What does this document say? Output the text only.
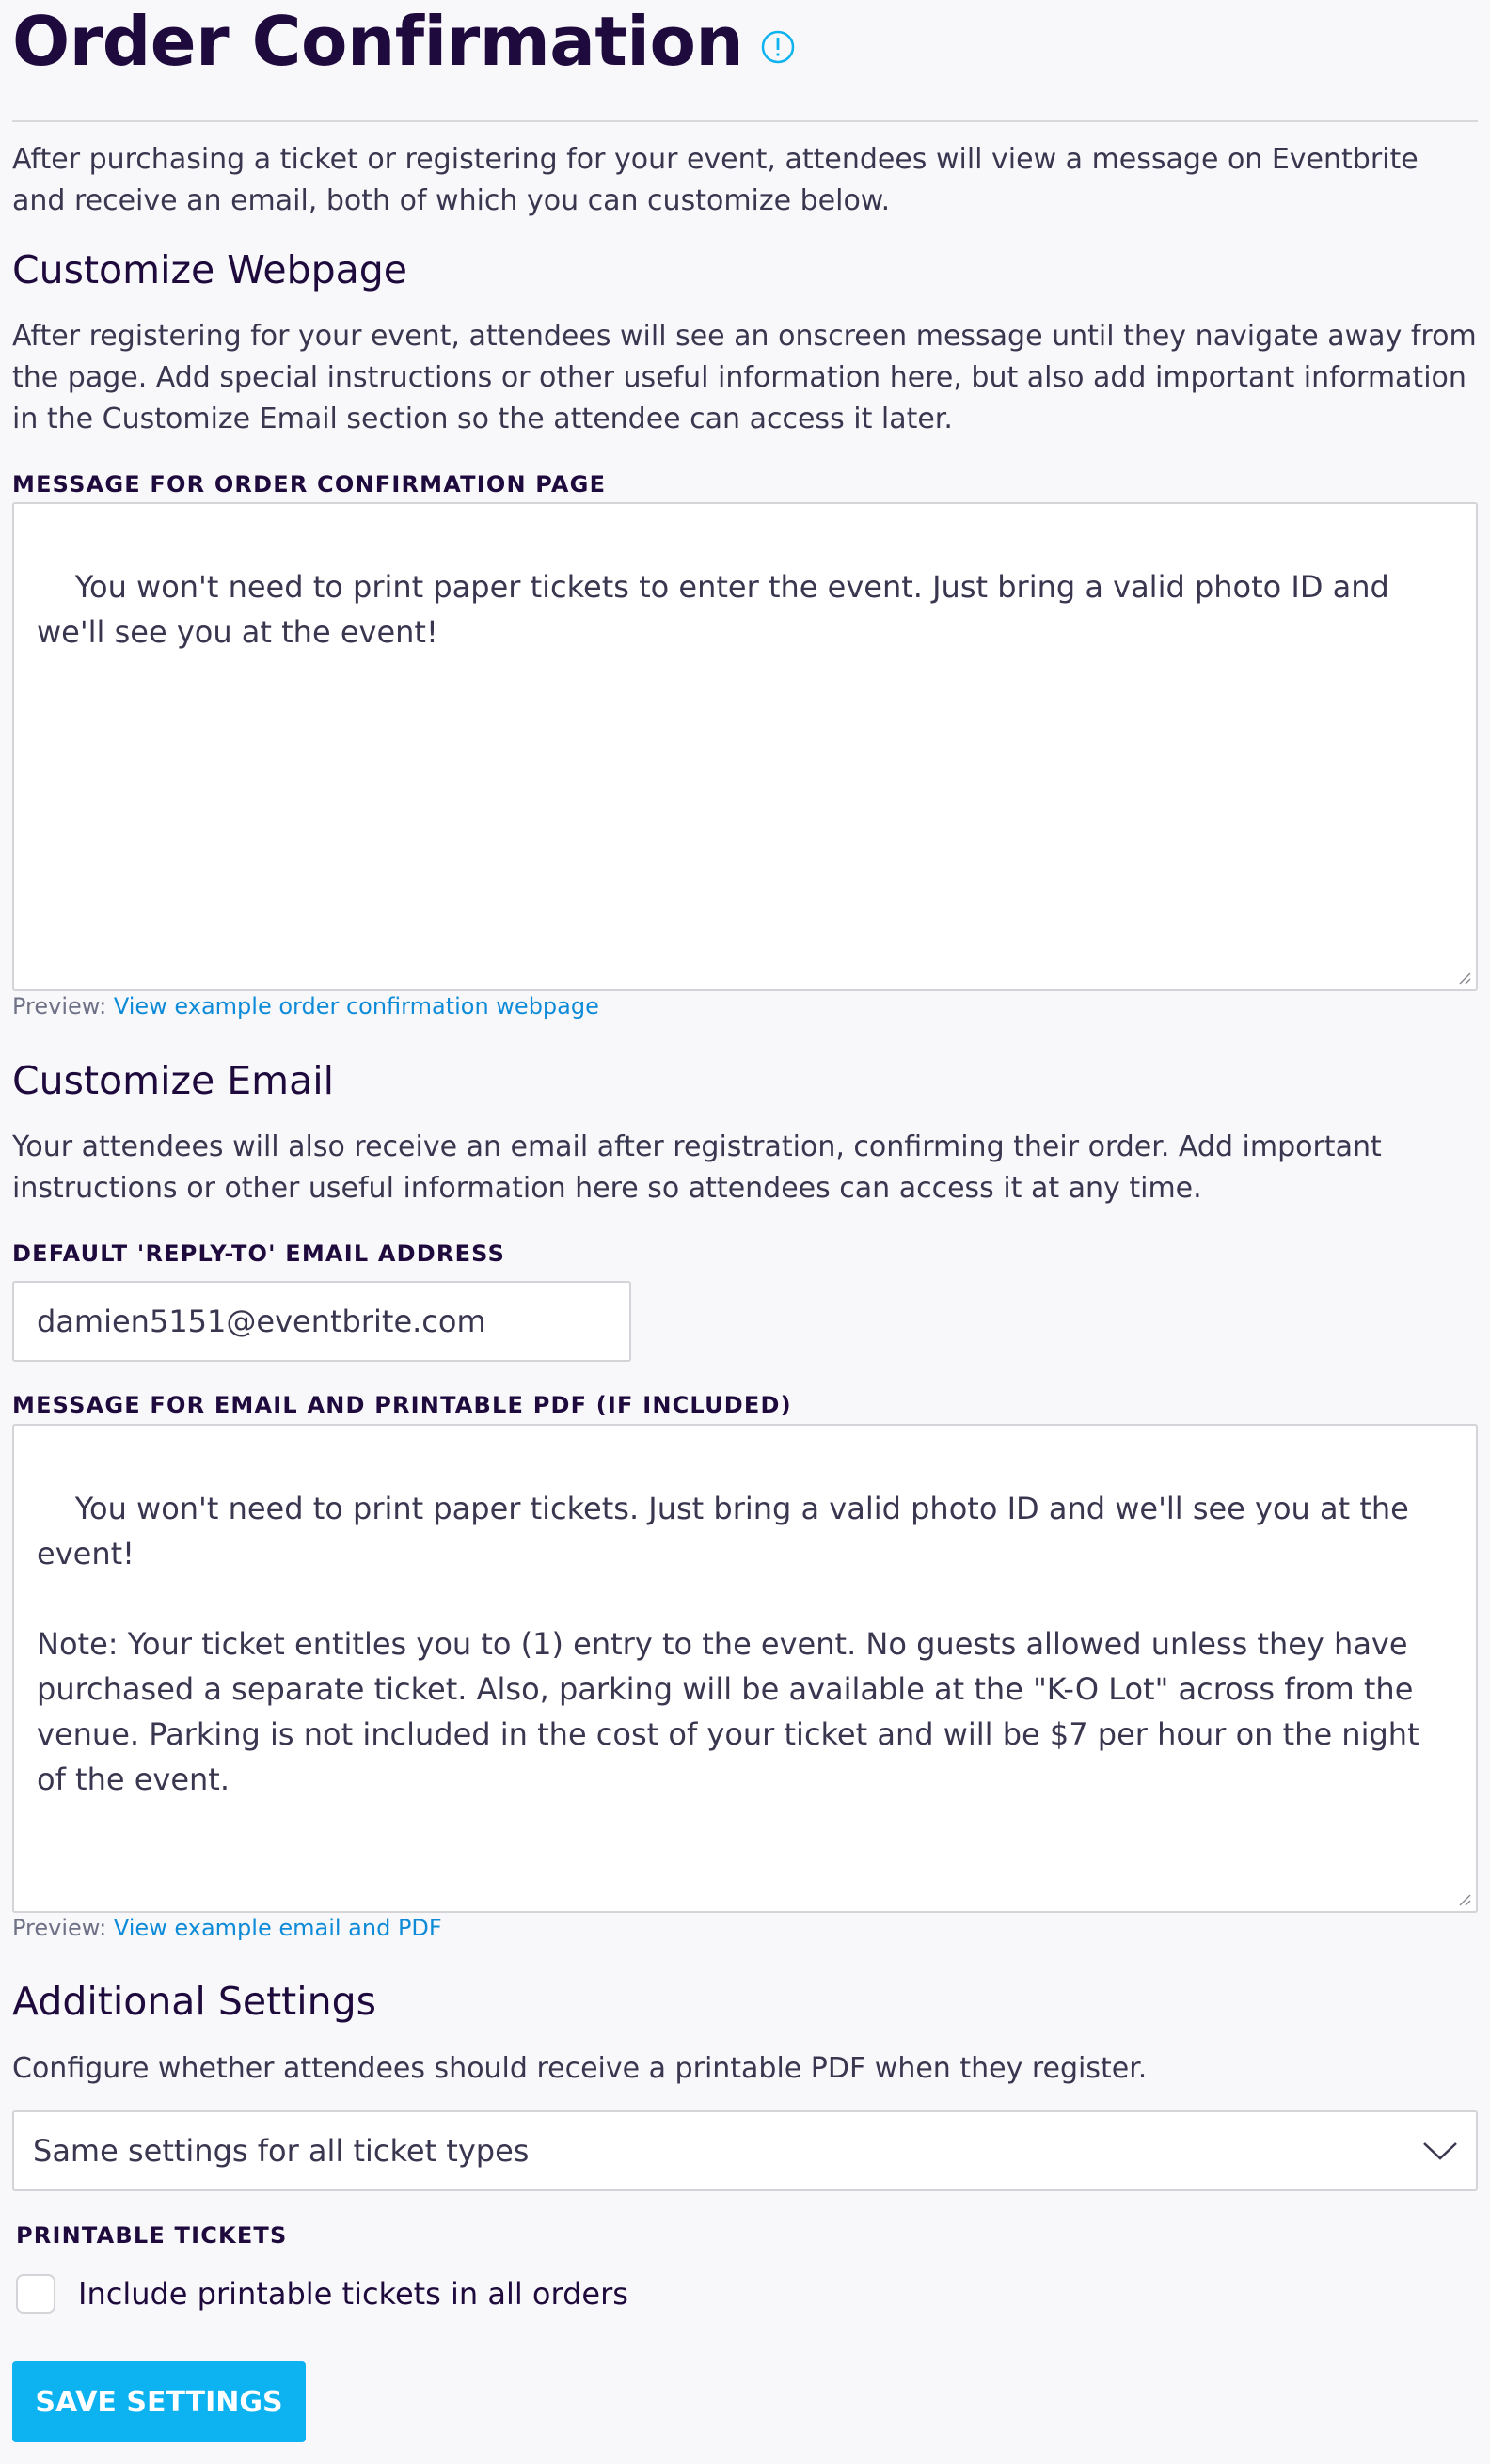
Order Confirmation

After purchasing a ticket or registering for your event, attendees will view a message on Eventbrite and receive an email, both of which you can customize below.

Customize Webpage

After registering for your event, attendees will see an onscreen message until they navigate away from the page. Add special instructions or other useful information here, but also add important information in the Customize Email section so the attendee can access it later.

MESSAGE FOR ORDER CONFIRMATION PAGE

You won't need to print paper tickets to enter the event. Just bring a valid photo ID and we'll see you at the event!

Preview: View example order confirmation webpage

Customize Email

Your attendees will also receive an email after registration, confirming their order. Add important instructions or other useful information here so attendees can access it at any time.

DEFAULT 'REPLY-TO' EMAIL ADDRESS
damien5151@eventbrite.com
MESSAGE FOR EMAIL AND PRINTABLE PDF (IF INCLUDED)

You won't need to print paper tickets. Just bring a valid photo ID and we'll see you at the event!

Note: Your ticket entitles you to (1) entry to the event. No guests allowed unless they have purchased a separate ticket. Also, parking will be available at the "K-O Lot" across from the venue. Parking is not included in the cost of your ticket and will be $7 per hour on the night of the event.

Preview: View example email and PDF

Additional Settings

Configure whether attendees should receive a printable PDF when they register.

Same settings for all ticket types
PRINTABLE TICKETS
Include printable tickets in all orders
SAVE SETTINGS
